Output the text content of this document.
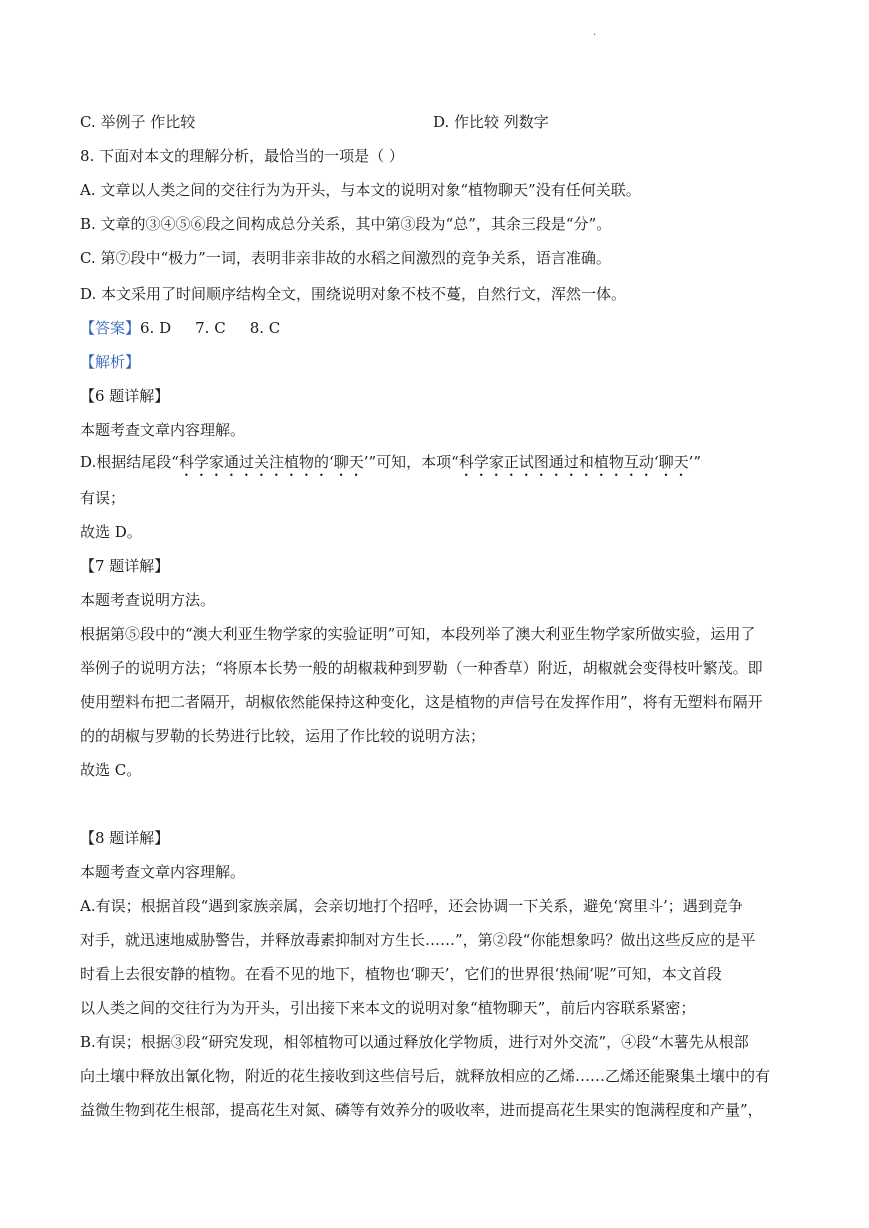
·
C. 举例子 作比较	D. 作比较 列数字
8. 下面对本文的理解分析，最恰当的一项是（ ）
A. 文章以人类之间的交往行为为开头，与本文的说明对象“植物聊天”没有任何关联。
B. 文章的③④⑤⑥段之间构成总分关系，其中第③段为“总”，其余三段是“分”。
C. 第⑦段中“极力”一词，表明非亲非故的水稻之间激烈的竞争关系，语言准确。
D. 本文采用了时间顺序结构全文，围绕说明对象不枝不蔓，自然行文，浑然一体。
【答案】6. D 7. C 8. C
【解析】
【6 题详解】
本题考查文章内容理解。
D.根据结尾段“科学家通过关注植物的‘聊天’”可知，本项“科学家正试图通过和植物互动‘聊天’”
有误；
故选 D。
【7 题详解】
本题考查说明方法。
根据第⑤段中的“澳大利亚生物学家的实验证明”可知，本段列举了澳大利亚生物学家所做实验，运用了
举例子的说明方法；“将原本长势一般的胡椒栽种到罗勒（一种香草）附近，胡椒就会变得枝叶繁茂。即
使用塑料布把二者隔开，胡椒依然能保持这种变化，这是植物的声信号在发挥作用”，将有无塑料布隔开
的的胡椒与罗勒的长势进行比较，运用了作比较的说明方法；
故选 C。
【8 题详解】
本题考查文章内容理解。
A.有误；根据首段“遇到家族亲属，会亲切地打个招呼，还会协调一下关系，避免‘窝里斗’；遇到竞争
对手，就迅速地威胁警告，并释放毒素抑制对方生长……”，第②段“你能想象吗？做出这些反应的是平
时看上去很安静的植物。在看不见的地下，植物也‘聊天’，它们的世界很‘热闹’呢”可知，本文首段
以人类之间的交往行为为开头，引出接下来本文的说明对象“植物聊天”，前后内容联系紧密；
B.有误；根据③段“研究发现，相邻植物可以通过释放化学物质，进行对外交流”，④段“木薯先从根部
向土壤中释放出氰化物，附近的花生接收到这些信号后，就释放相应的乙烯……乙烯还能聚集土壤中的有
益微生物到花生根部，提高花生对氮、磷等有效养分的吸收率，进而提高花生果实的饱满程度和产量”，
